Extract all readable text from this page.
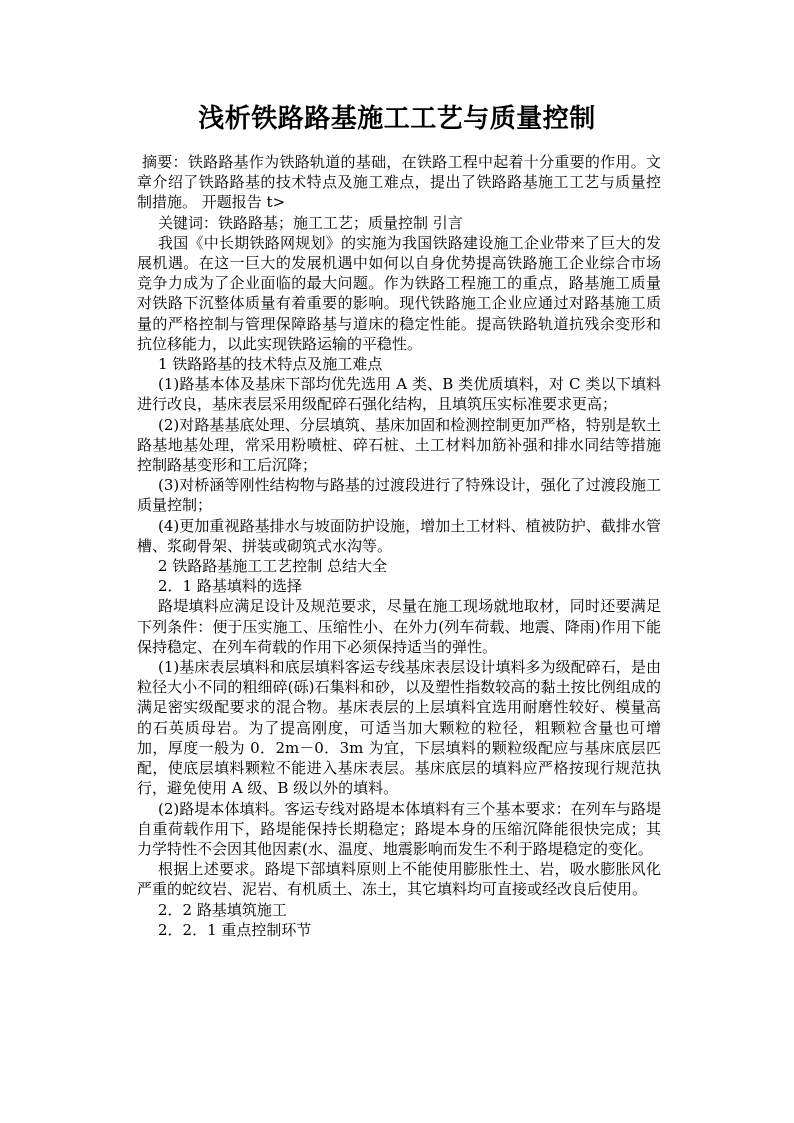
浅析铁路路基施工工艺与质量控制

摘要：铁路路基作为铁路轨道的基础，在铁路工程中起着十分重要的作用。文章介绍了铁路路基的技术特点及施工难点，提出了铁路路基施工工艺与质量控制措施。 开题报告 t>

关键词：铁路路基；施工工艺；质量控制 引言

我国《中长期铁路网规划》的实施为我国铁路建设施工企业带来了巨大的发展机遇。在这一巨大的发展机遇中如何以自身优势提高铁路施工企业综合市场竞争力成为了企业面临的最大问题。作为铁路工程施工的重点，路基施工质量对铁路下沉整体质量有着重要的影响。现代铁路施工企业应通过对路基施工质量的严格控制与管理保障路基与道床的稳定性能。提高铁路轨道抗残余变形和抗位移能力，以此实现铁路运输的平稳性。

1 铁路路基的技术特点及施工难点

(1)路基本体及基床下部均优先选用 A 类、B 类优质填料，对 C 类以下填料进行改良，基床表层采用级配碎石强化结构，且填筑压实标准要求更高；

(2)对路基基底处理、分层填筑、基床加固和检测控制更加严格，特别是软土路基地基处理，常采用粉喷桩、碎石桩、土工材料加筋补强和排水同结等措施控制路基变形和工后沉降；

(3)对桥涵等刚性结构物与路基的过渡段进行了特殊设计，强化了过渡段施工质量控制；

(4)更加重视路基排水与坡面防护设施，增加土工材料、植被防护、截排水管槽、浆砌骨架、拼装或砌筑式水沟等。

2 铁路路基施工工艺控制 总结大全

2．1 路基填料的选择

路堤填料应满足设计及规范要求，尽量在施工现场就地取材，同时还要满足下列条件：便于压实施工、压缩性小、在外力(列车荷载、地震、降雨)作用下能保持稳定、在列车荷载的作用下必须保持适当的弹性。

(1)基床表层填料和底层填料客运专线基床表层设计填料多为级配碎石，是由粒径大小不同的粗细碎(砾)石集料和砂，以及塑性指数较高的黏土按比例组成的满足密实级配要求的混合物。基床表层的上层填料宜选用耐磨性较好、模量高的石英质母岩。为了提高刚度，可适当加大颗粒的粒径，粗颗粒含量也可增加，厚度一般为 0．2m－0．3m 为宜，下层填料的颗粒级配应与基床底层匹配，使底层填料颗粒不能进入基床表层。基床底层的填料应严格按现行规范执行，避免使用 A 级、B 级以外的填料。

(2)路堤本体填料。客运专线对路堤本体填料有三个基本要求：在列车与路堤自重荷载作用下，路堤能保持长期稳定；路堤本身的压缩沉降能很快完成；其力学特性不会因其他因素(水、温度、地震影响而发生不利于路堤稳定的变化。

根据上述要求。路堤下部填料原则上不能使用膨胀性土、岩，吸水膨胀风化严重的蛇纹岩、泥岩、有机质土、冻土，其它填料均可直接或经改良后使用。

2．2 路基填筑施工

2．2．1 重点控制环节
